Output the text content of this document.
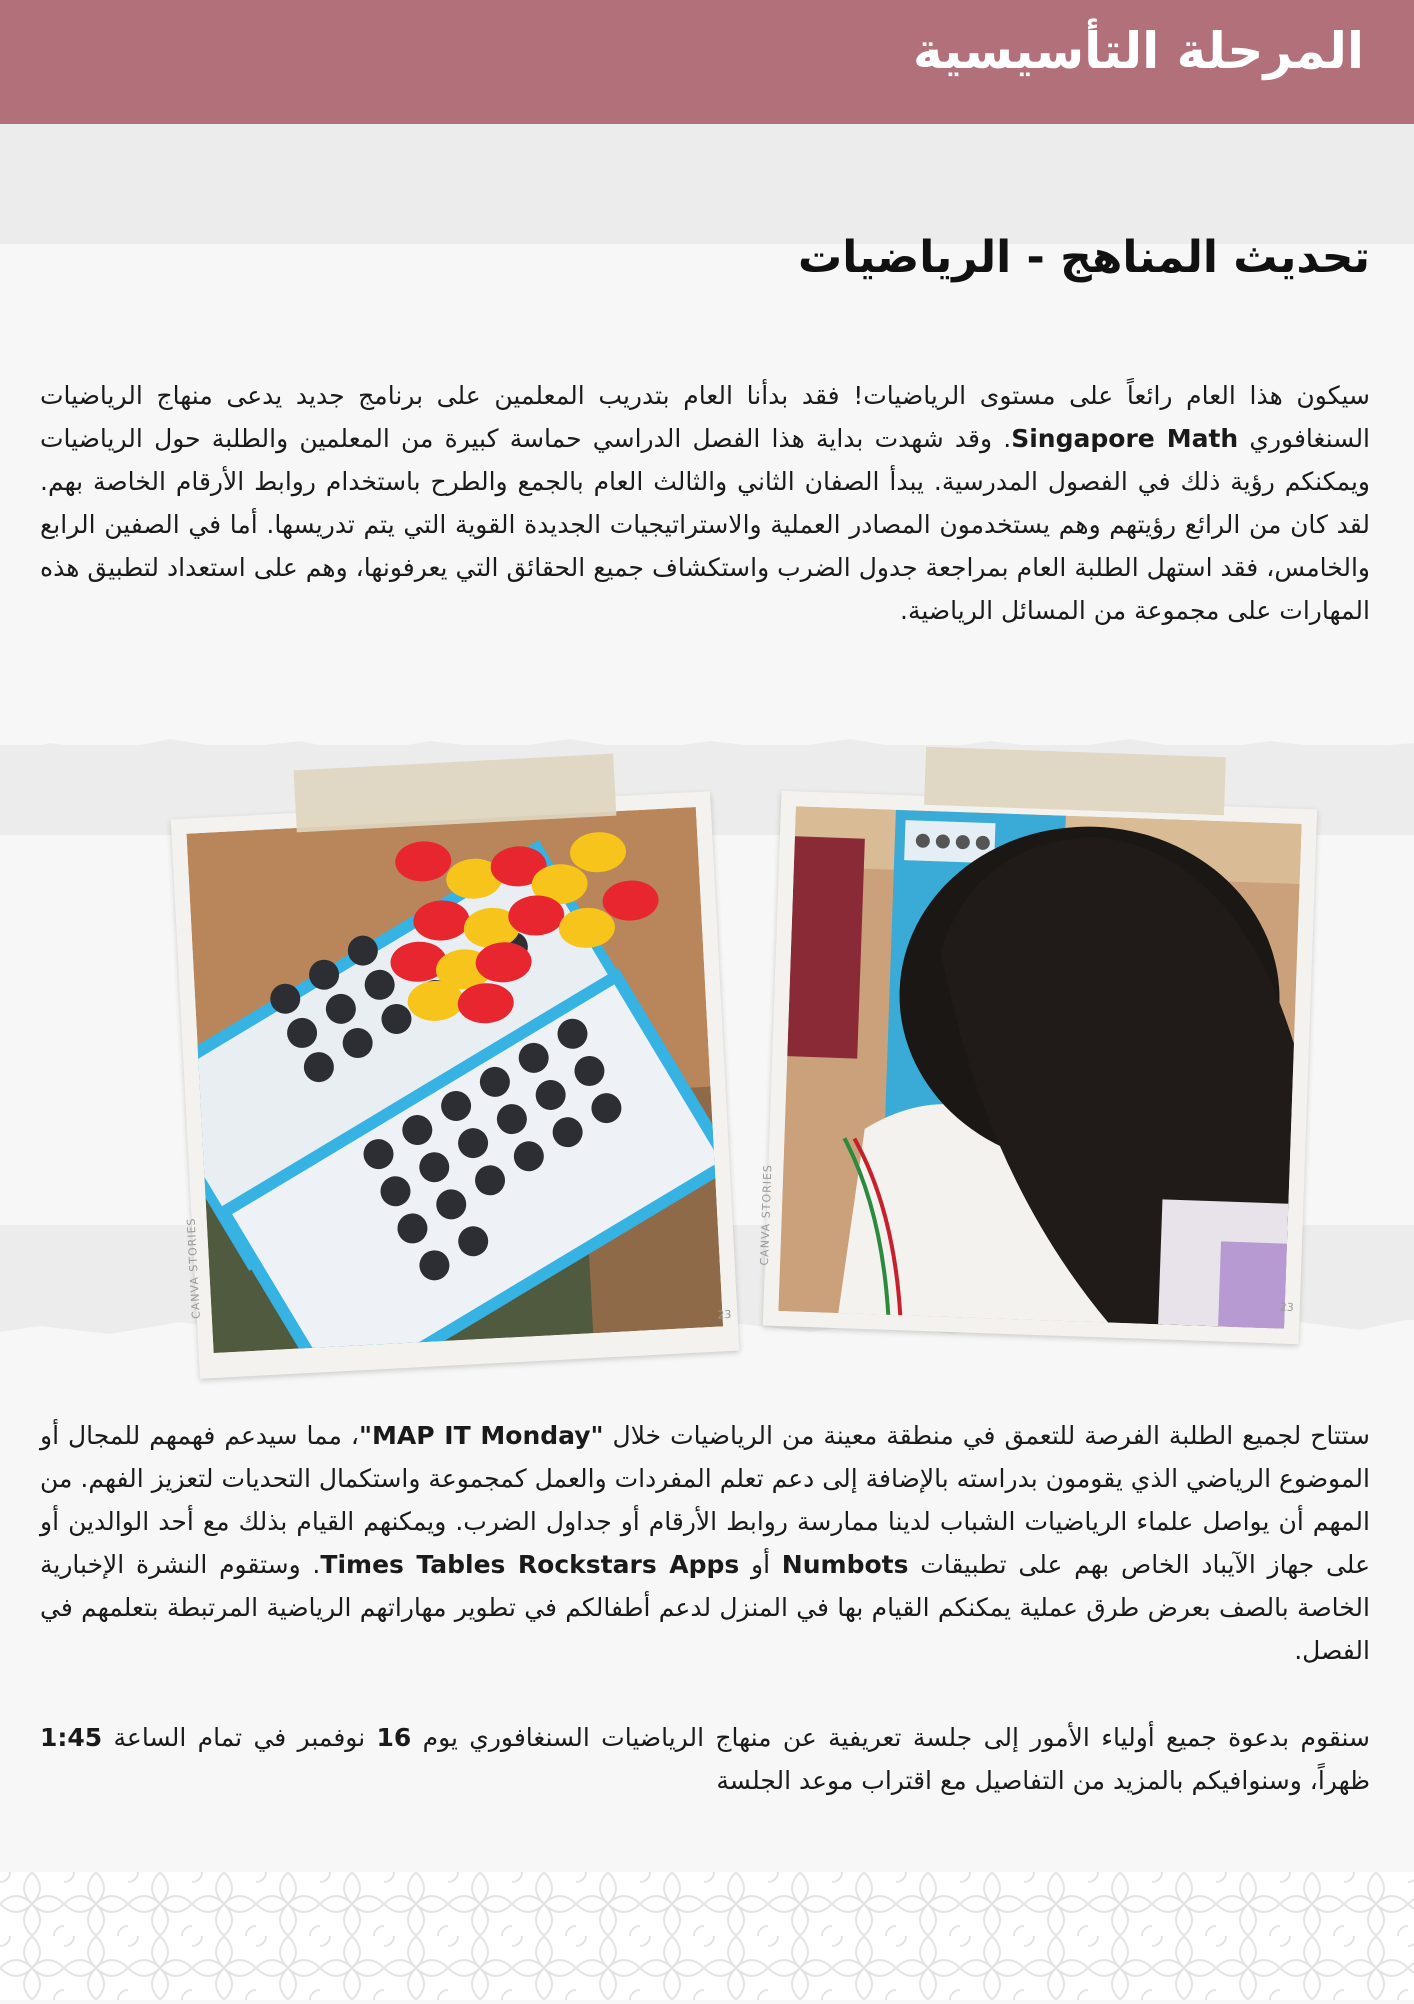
المرحلة التأسيسية
تحديث المناهج - الرياضيات

سيكون هذا العام رائعاً على مستوى الرياضيات! فقد بدأنا العام بتدريب المعلمين على برنامج جديد يدعى منهاج الرياضيات السنغافوري Singapore Math. وقد شهدت بداية هذا الفصل الدراسي حماسة كبيرة من المعلمين والطلبة حول الرياضيات ويمكنكم رؤية ذلك في الفصول المدرسية. يبدأ الصفان الثاني والثالث العام بالجمع والطرح باستخدام روابط الأرقام الخاصة بهم. لقد كان من الرائع رؤيتهم وهم يستخدمون المصادر العملية والاستراتيجيات الجديدة القوية التي يتم تدريسها. أما في الصفين الرابع والخامس، فقد استهل الطلبة العام بمراجعة جدول الضرب واستكشاف جميع الحقائق التي يعرفونها، وهم على استعداد لتطبيق هذه المهارات على مجموعة من المسائل الرياضية.

CANVA STORIES	23
CANVA STORIES
23

ستتاح لجميع الطلبة الفرصة للتعمق في منطقة معينة من الرياضيات خلال "MAP IT Monday"، مما سيدعم فهمهم للمجال أو الموضوع الرياضي الذي يقومون بدراسته بالإضافة إلى دعم تعلم المفردات والعمل كمجموعة واستكمال التحديات لتعزيز الفهم. من المهم أن يواصل علماء الرياضيات الشباب لدينا ممارسة روابط الأرقام أو جداول الضرب. ويمكنهم القيام بذلك مع أحد الوالدين أو على جهاز الآيباد الخاص بهم على تطبيقات Numbots أو Times Tables Rockstars Apps. وستقوم النشرة الإخبارية الخاصة بالصف بعرض طرق عملية يمكنكم القيام بها في المنزل لدعم أطفالكم في تطوير مهاراتهم الرياضية المرتبطة بتعلمهم في الفصل.

سنقوم بدعوة جميع أولياء الأمور إلى جلسة تعريفية عن منهاج الرياضيات السنغافوري يوم 16 نوفمبر في تمام الساعة 1:45 ظهراً، وسنوافيكم بالمزيد من التفاصيل مع اقتراب موعد الجلسة
